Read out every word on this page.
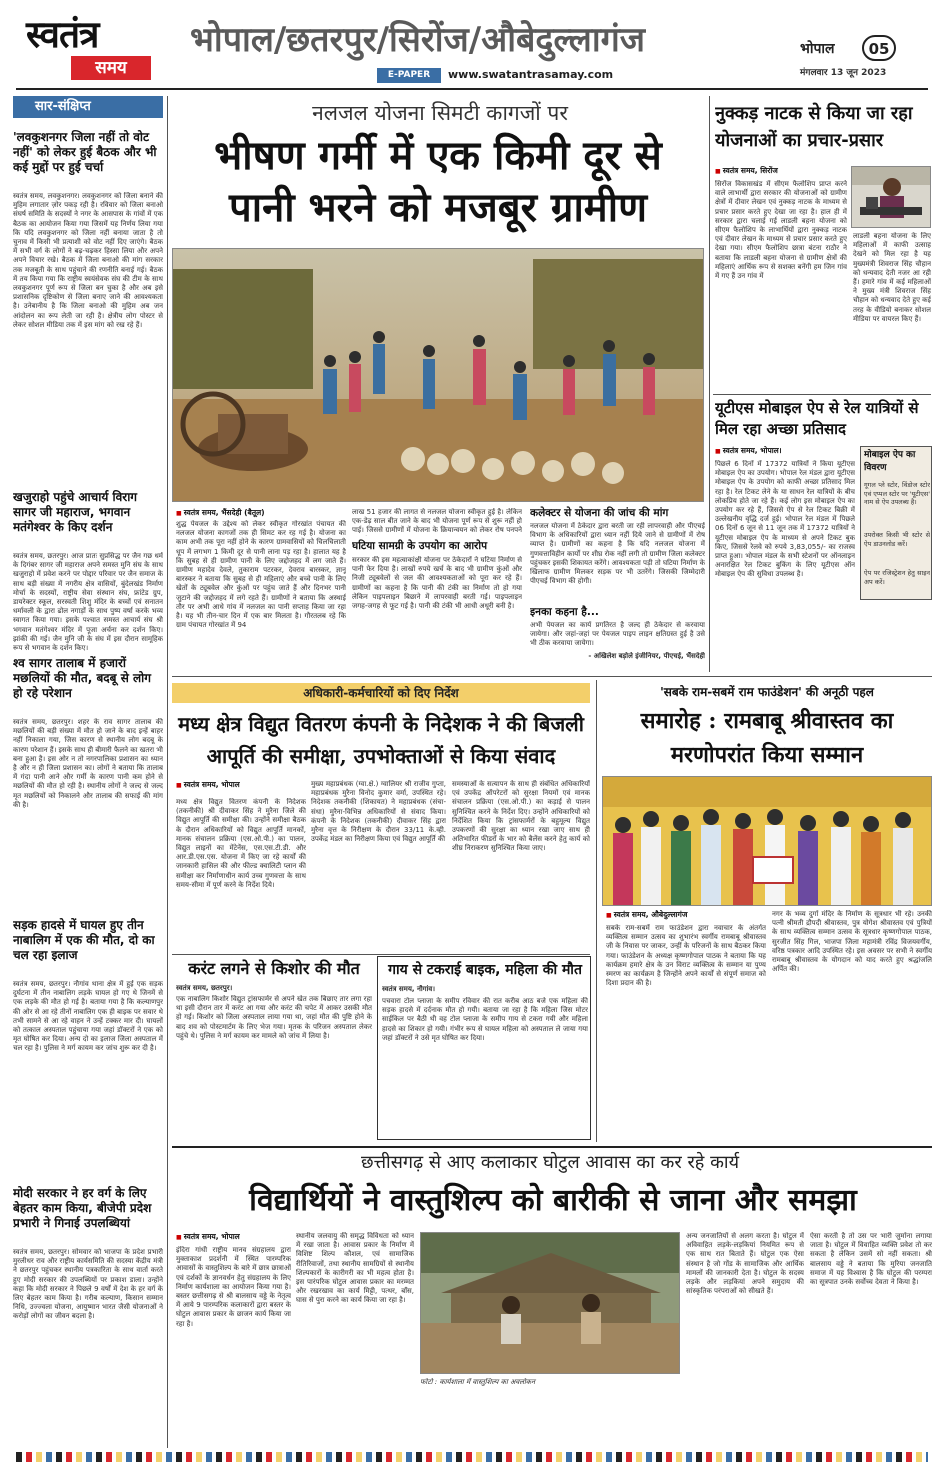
स्वतंत्र
समय
भोपाल/छतरपुर/सिरोंज/औबेदुल्लागंज
E-PAPER	www.swatantrasamay.com
भोपाल	05
मंगलवार 13 जून 2023
सार-संक्षिप्त
'लवकुशनगर जिला नहीं तो वोट नहीं' को लेकर हुई बैठक और भी कई मुद्दों पर हुई चर्चा
स्वतंत्र समय, लवकुशनगर। लवकुशनगर को जिला बनाने की मुहिम लगातार ज़ोर पकड़ रही है। रविवार को जिला बनाओ संघर्ष समिति के सदस्यों ने नगर के आसपास के गांवों में एक बैठक का आयोजन किया गया जिसमें यह निर्णय लिया गया कि यदि लवकुशनगर को जिला नहीं बनाया जाता है तो चुनाव में किसी भी प्रत्याशी को वोट नहीं दिए जाएंगे। बैठक में सभी वर्ग के लोगों ने बढ़-चढ़कर हिस्सा लिया और अपने अपने विचार रखे। बैठक में जिला बनाओ की मांग सरकार तक मजबूती के साथ पहुंचाने की रणनीति बनाई गई। बैठक में तय किया गया कि राष्ट्रीय स्वयंसेवक संघ की टीम के साथ लवकुशनगर पूर्ण रूप से जिला बन चुका है और अब इसे प्रशासनिक दृष्टिकोण से जिला बनाए जाने की आवश्यकता है। उनेबानीय है कि जिला बनाओ की मुहिम अब जन आंदोलन का रूप लेती जा रही है। क्षेत्रीय लोग पोस्टर से लेकर सोशल मीडिया तक में इस मांग को रख रहे हैं।
खजुराहो पहुंचे आचार्य विराग सागर जी महाराज, भगवान मतंगेश्वर के किए दर्शन
स्वतंत्र समय, छतरपुर। आज प्रातः सुप्रसिद्ध पर जैन गछ धर्म के दिगंबर सागर जी महाराज अपने समस्त मुनि संघ के साथ खजुराहो में प्रवेश करने पर पोद्दार परिवार पर जैन समाज के साथ बड़ी संख्या में नगरीय क्षेत्र वासियों, बुंदेलखंड निर्माण मोर्चा के सदस्यों, राष्ट्रीय सेवा संस्थान संघ, फ्रांटेड ग्रुप, डायरेक्टर स्कूल, सरस्वती शिशु मंदिर के बच्चों एवं सनातन धर्मावली के द्वारा ढोल नगाड़ों के साथ पुष्प वर्षा करके भव्य स्वागत किया गया। इसके पश्चात समस्त आचार्य संघ श्री भगवान मतंगेश्वर मंदिर में पूजा अर्चना कर दर्शन किए। झांकी की गई। जैन मुनि जी के संघ में इस दौरान सामूहिक रूप से भगवान के दर्शन किए।
श्व सागर तालाब में हजारों मछलियों की मौत, बदबू से लोग हो रहे परेशान
स्वतंत्र समय, छतरपुर। शहर के राव सागर तालाब की मछलियों की बड़ी संख्या में मौत हो जाने के बाद इन्हें बाहर नहीं निकाला गया, जिस कारण से स्थानीय लोग बदबू के कारण परेशान हैं। इसके साथ ही बीमारी फैलने का खतरा भी बना हुआ है। इस ओर न तो नगरपालिका प्रशासन का ध्यान है और न ही जिला प्रशासन का। लोगों ने बताया कि तालाब में गंदा पानी आने और गर्मी के कारण पानी कम होने से मछलियों की मौत हो रही है। स्थानीय लोगों ने जल्द से जल्द मृत मछलियों को निकालने और तालाब की सफाई की मांग की है।
सड़क हादसे में घायल हुए तीन नाबालिग में एक की मौत, दो का चल रहा इलाज
स्वतंत्र समय, छतरपुर। नौगांव थाना क्षेत्र में हुई एक सड़क दुर्घटना में तीन नाबालिग लड़के घायल हो गए थे जिनमें से एक लड़के की मौत हो गई है। बताया गया है कि कल्याणपुर की ओर से आ रहे तीनों नाबालिग एक ही बाइक पर सवार थे तभी सामने से आ रहे वाहन ने उन्हें टक्कर मार दी। घायलों को तत्काल अस्पताल पहुंचाया गया जहां डॉक्टरों ने एक को मृत घोषित कर दिया। अन्य दो का इलाज जिला अस्पताल में चल रहा है। पुलिस ने मर्ग कायम कर जांच शुरू कर दी है।
मोदी सरकार ने हर वर्ग के लिए बेहतर काम किया, बीजेपी प्रदेश प्रभारी ने गिनाई उपलब्धियां
स्वतंत्र समय, छतरपुर। सोमवार को भाजपा के प्रदेश प्रभारी मुरलीधर राव और राष्ट्रीय कार्यसमिति की सदस्या केंद्रीय मंत्री ने छतरपुर पहुंचकर स्थानीय पत्रकारिता के साथ वार्ता करते हुए मोदी सरकार की उपलब्धियों पर प्रकाश डाला। उन्होंने कहा कि मोदी सरकार ने पिछले 9 वर्षों में देश के हर वर्ग के लिए बेहतर काम किया है। गरीब कल्याण, किसान सम्मान निधि, उज्ज्वला योजना, आयुष्मान भारत जैसी योजनाओं ने करोड़ों लोगों का जीवन बदला है।
नलजल योजना सिमटी कागजों पर
भीषण गर्मी में एक किमी दूर से पानी भरने को मजबूर ग्रामीण
■ स्वतंत्र समय, भैंसदेही (बैतूल)
शुद्ध पेयजल के उद्देश्य को लेकर स्वीकृत गोरखांत पंचायत की नलजल योजना कागजों तक ही सिमट कर रह गई है। योजना का काम अभी तक पूरा नहीं होने के कारण ग्रामवासियों को चिलचिलाती धूप में लगभग 1 किमी दूर से पानी लाना पड़ रहा है। हालात यह है कि सुबह से ही ग्रामीण पानी के लिए जद्दोजहद में लग जाते हैं। ग्रामीण महादेव देवले, तुकाराम पटरकर, देवराव बारस्कर, ज्ञानू बारस्कर ने बताया कि सुबह से ही महिलाएं और बच्चे पानी के लिए खेतों के ट्यूबवेल और कुंओं पर पहुंच जाते हैं और दिनभर पानी जुटाने की जद्दोजहद में लगे रहते हैं। ग्रामीणों ने बताया कि अस्थाई तौर पर अभी आधे गांव में नलजल का पानी सप्ताह किया जा रहा है। यह भी तीन-चार दिन में एक बार मिलता है। गौरतलब रहे कि ग्राम पंचायत गोरखांत में 94
लाख 51 हजार की लागत से नलजल योजना स्वीकृत हुई है। लेकिन एक-डेढ़ साल बीत जाने के बाद भी योजना पूर्ण रूप से शुरू नहीं हो पाई। जिससे ग्रामीणों में योजना के क्रियान्वयन को लेकर रोष पनपने
घटिया सामग्री के उपयोग का आरोप
सरकार की इस महत्वाकांक्षी योजना पर ठेकेदारों ने घटिया निर्माण से पानी फेर दिया है। लाखों रुपये खर्च के बाद भी ग्रामीण कुंओं और निजी ट्यूबवेलों से जल की आवश्यकताओं को पूरा कर रहे हैं। ग्रामीणों का कहना है कि पानी की टंकी का निर्माण तो हो गया लेकिन पाइपलाइन बिछाने में लापरवाही बरती गई। पाइपलाइन जगह-जगह से फूट गई है। पानी की टंकी भी आधी अधूरी बनी है।
कलेक्टर से योजना की जांच की मांग
नलजल योजना में ठेकेदार द्वारा बरती जा रही लापरवाही और पीएचई विभाग के अधिकारियों द्वारा ध्यान नहीं दिये जाने से ग्रामीणों में रोष व्याप्त है। ग्रामीणों का कहना है कि यदि नलजल योजना में गुणवत्ताविहीन कार्यों पर शीघ्र रोक नहीं लगी तो ग्रामीण जिला कलेक्टर पहुंचकर इसकी शिकायत करेंगे। आवश्यकता पड़ी तो घटिया निर्माण के खिलाफ ग्रामीण मिलकर सड़क पर भी उतरेंगे। जिसकी जिम्मेदारी पीएचई विभाग की होगी।
इनका कहना है...
अभी पेयजल का कार्य प्रगतिरत है जल्द ही ठेकेदार से करवाया जायेगा। और जहां-जहां पर पेयजल पाइप लाइन क्षतिग्रस्त हुई है उसे भी ठीक करवाया जायेगा।
- अखिलेश बड़ोले इंजीनियर, पीएचई, भैंसदेही
नुक्कड़ नाटक से किया जा रहा योजनाओं का प्रचार-प्रसार
■ स्वतंत्र समय, सिरोंज
सिरोंज विकासखंड में सीएम फैलोशिप प्राप्त करने वाले लाभार्थी द्वारा सरकार की योजनाओं को ग्रामीण क्षेत्रों में दीवार लेखन एवं नुक्कड़ नाटक के माध्यम से प्रचार प्रसार करते हुए देखा जा रहा है। हाल ही में सरकार द्वारा चलाई गई लाडली बहना योजना को सीएम फैलोशिप के लाभार्थियों द्वारा नुक्कड़ नाटक एवं दीवार लेखन के माध्यम से प्रचार प्रसार करते हुए देखा गया। सीएम फैलोशिप छात्रा बंटना राठौर ने बताया कि लाडली बहना योजना से ग्रामीण क्षेत्रों की महिलाएं आर्थिक रूप से सशक्त बनेंगी हम जिन गांव में गए हैं उन गांव में
लाडली बहना योजना के लिए महिलाओं में काफी उत्साह देखने को मिल रहा है यह मुख्यमंत्री शिवराज सिंह चौहान को धन्यवाद देती नजर आ रही हैं। हमारे गांव में कई महिलाओं ने मुख्य मंत्री शिवराज सिंह चौहान को धन्यवाद देते हुए कई तरह के वीडियो बनाकर सोशल मीडिया पर वायरल किए हैं।
यूटीएस मोबाइल ऐप से रेल यात्रियों से मिल रहा अच्छा प्रतिसाद
■ स्वतंत्र समय, भोपाल।
पिछले 6 दिनों में 17372 यात्रियों ने किया यूटीएस मोबाइल ऐप का उपयोग। भोपाल रेल मंडल द्वारा यूटीएस मोबाइल ऐप के उपयोग को काफी अच्छा प्रतिसाद मिल रहा है। रेल टिकट लेने के या साधन रेल यात्रियों के बीच लोकप्रिय होते जा रहे हैं। कई लोग इस मोबाइल ऐप का उपयोग कर रहे हैं, जिससे ऐप से रेल टिकट बिक्री में उल्लेखनीय वृद्धि दर्ज हुई। भोपाल रेल मंडल में पिछले 06 दिनों 6 जून से 11 जून तक में 17372 यात्रियों ने यूटीएस मोबाइल ऐप के माध्यम से अपने टिकट बुक किए, जिससे रेलवे को रुपये 3,83,055/- का राजस्व प्राप्त हुआ। भोपाल मंडल के सभी स्टेशनों पर ऑनलाइन अनारक्षित रेल टिकट बुकिंग के लिए यूटीएस ऑन मोबाइल ऐप की सुविधा उपलब्ध है।
मोबाइल ऐप का विवरण
गूगल प्ले स्टोर, विंडोज स्टोर एवं एप्पल स्टोर पर 'यूटीएस' नाम से ऐप उपलब्ध है।
उपरोक्त किसी भी स्टोर से ऐप डाउनलोड करें।
ऐप पर रजिस्ट्रेशन हेतु साइन अप करें।
अधिकारी-कर्मचारियों को दिए निर्देश
मध्य क्षेत्र विद्युत वितरण कंपनी के निदेशक ने की बिजली आपूर्ति की समीक्षा, उपभोक्ताओं से किया संवाद
■ स्वतंत्र समय, भोपाल
मध्य क्षेत्र विद्युत वितरण कंपनी के निदेशक (तकनीकी) श्री दीवाकर सिंह ने मुरैना जिले की विद्युत आपूर्ति की समीक्षा की। उन्होंने समीक्षा बैठक के दौरान अधिकारियों को विद्युत आपूर्ति मानकों, मानक संचालन प्रक्रिया (एस.ओ.पी.) का पालन, विद्युत लाइनों का मेंटेनेंस, एस.एस.टी.डी. और आर.डी.एस.एस. योजना में किए जा रहे कार्यों की जानकारी हासिल की और फील्ड क्वालिटी प्लान की समीक्षा कर निर्माणाधीन कार्य उच्च गुणवत्ता के साथ समय-सीमा में पूर्ण करने के निर्देश दिये।
मुख्य महाप्रबंधक (ग्वा.क्षे.) ग्वालियर श्री राजीव गुप्ता, महाप्रबंधक मुरैना विनोद कुमार वर्मा, उपस्थित रहे। निदेशक तकनीकी (शिकायत) ने महाप्रबंधक (संचा-संधा) मुरैना-विभिन्न अधिकारियों से संवाद किया। कंपनी के निदेशक (तकनीकी) दीवाकर सिंह द्वारा मुरैना वृत्त के निरीक्षण के दौरान 33/11 के.व्ही. उपकेंद्र मंडल का निरीक्षण किया एवं विद्युत आपूर्ति की
समस्याओं के सत्यापन के साथ ही संबंधित अधिकारियों एवं उपकेंद्र ऑपरेटरों को सुरक्षा नियमों एवं मानक संचालन प्रक्रिया (एस.ओ.पी.) का कड़ाई से पालन सुनिश्चित करने के निर्देश दिए। उन्होंने अधिकारियों को निर्देशित किया कि ट्रांसफार्मरों के बहुमूल्य विद्युत उपकरणों की सुरक्षा का ध्यान रखा जाए साथ ही अतिभारित फीडरों के भार को बैलेंस करने हेतु कार्य को शीघ्र निराकरण सुनिश्चित किया जाए।
करंट लगने से किशोर की मौत
स्वतंत्र समय, छतरपुर।
एक नाबालिग किशोर विद्युत ट्रांसफार्मर से अपने खेत तक बिछाए तार लगा रहा था इसी दौरान तार में करंट आ गया और करंट की चपेट में आकर उसकी मौत हो गई। किशोर को जिला अस्पताल लाया गया था, जहां मौत की पुष्टि होने के बाद शव को पोस्टमार्टम के लिए भेज गया। मृतक के परिजन अस्पताल लेकर पहुंचे थे। पुलिस ने मर्ग कायम कर मामले को जांच में लिया है।
गाय से टकराई बाइक, महिला की मौत
स्वतंत्र समय, नौगांव।
पचवारा टोल प्लाजा के समीप रविवार की रात करीब आठ बजे एक महिला की सड़क हादसे में दर्दनाक मौत हो गयी। बताया जा रहा है कि महिला जिस मोटर साईकिल पर बैठी थी वह टोल प्लाजा के समीप गाय से टकरा गयी और महिला हादसे का शिकार हो गयी। गंभीर रूप से घायल महिला को अस्पताल ले जाया गया जहां डॉक्टरों ने उसे मृत घोषित कर दिया।
'सबके राम-सबमें राम फाउंडेशन' की अनूठी पहल
समारोह : रामबाबू श्रीवास्तव का मरणोपरांत किया सम्मान
■ स्वतंत्र समय, औबेदुल्लागंज
सबके राम-सबमें राम फाउंडेशन द्वारा नवाचार के अंतर्गत व्यक्तित्व सम्मान उत्सव का शुभारंभ स्वर्गीय रामबाबू श्रीवास्तव जी के निवास पर जाकर, उन्हीं के परिजनों के साथ बैठकर किया गया। फाउंडेशन के अध्यक्ष कृष्णगोपाल पाठक ने बताया कि यह कार्यक्रम हमारे क्षेत्र के उन विराट व्यक्तित्व के सम्मान या पुण्य स्मरण का कार्यक्रम है जिन्होंने अपने कार्यों से संपूर्ण समाज को दिशा प्रदान की है।
नगर के भव्य दुर्गा मंदिर के निर्माण के सूत्रधार भी रहे। उनकी पत्नी श्रीमती द्रौपदी श्रीवास्तव, पुत्र योगेश श्रीवास्तव एवं पुत्रियों के साथ व्यक्तित्व सम्मान उत्सव के सूत्रधार कृष्णगोपाल पाठक, सुरजीत सिंह गिल, भाजपा जिला महामंत्री रविंद्र विजयवर्गीय, वरिष्ठ पत्रकार आदि उपस्थित रहे। इस अवसर पर सभी ने स्वर्गीय रामबाबू श्रीवास्तव के योगदान को याद करते हुए श्रद्धांजलि अर्पित की।
छत्तीसगढ़ से आए कलाकार घोटुल आवास का कर रहे कार्य
विद्यार्थियों ने वास्तुशिल्प को बारीकी से जाना और समझा
■ स्वतंत्र समय, भोपाल
इंदिरा गांधी राष्ट्रीय मानव संग्रहालय द्वारा मुक्ताकाश प्रदर्शनी में स्थित पारम्परिक आवासों के वास्तुशिल्प के बारे में छात्र छात्राओं एवं दर्शकों के ज्ञानवर्धन हेतु संग्रहालय के लिए निर्माण कार्यशाला का आयोजन किया गया है। बस्तर छत्तीसगढ़ से श्री बालसाय वड्डे के नेतृत्व में आये 9 पारम्परिक कलाकारों द्वारा बस्तर के घोटुल आवास प्रकार के छाजन कार्य किया जा रहा है।
स्थानीय जलवायु की समृद्ध विविधता को ध्यान में रखा जाता है। आवास प्रकार के निर्माण में विशिष्ट शिल्प कौशल, एवं सामाजिक रीतिरिवाजों, तथा स्थानीय सामग्रियों से स्थानीय शिल्पकारों के कारीगरी का भी महत्व होता है। इस पारंपरिक घोटुल आवास प्रकार का मरम्मत और रखरखाव का कार्य मिट्टी, पत्थर, बाँस, घास से पुरा करने का कार्य किया जा रहा है।
फोटो : कार्यशाला में वास्तुशिल्प का अवलोकन
अन्य जनजातियों से अलग करता है। घोटुल में अविवाहित लड़के-लड़कियां नियमित रूप से एक साथ रात बिताते हैं। घोटुल एक ऐसा संस्थान है जो गोंड के सामाजिक और आर्थिक मामलों की जानकारी देता है। घोटुल के सदस्य लड़के और लड़कियां अपने समुदाय की सांस्कृतिक परंपराओं को सीखते हैं।
ऐसा करती है तो उस पर भारी जुर्माना लगाया जाता है। घोटुल में विवाहित व्यक्ति प्रवेश तो कर सकता है लेकिन उसमें सो नहीं सकता। श्री बालसाय वड्डे ने बताया कि मुरिया जनजाति समाज में यह विश्वास है कि घोटुल की परम्परा का सूत्रपात उनके सर्वोच्च देवता ने किया है।
